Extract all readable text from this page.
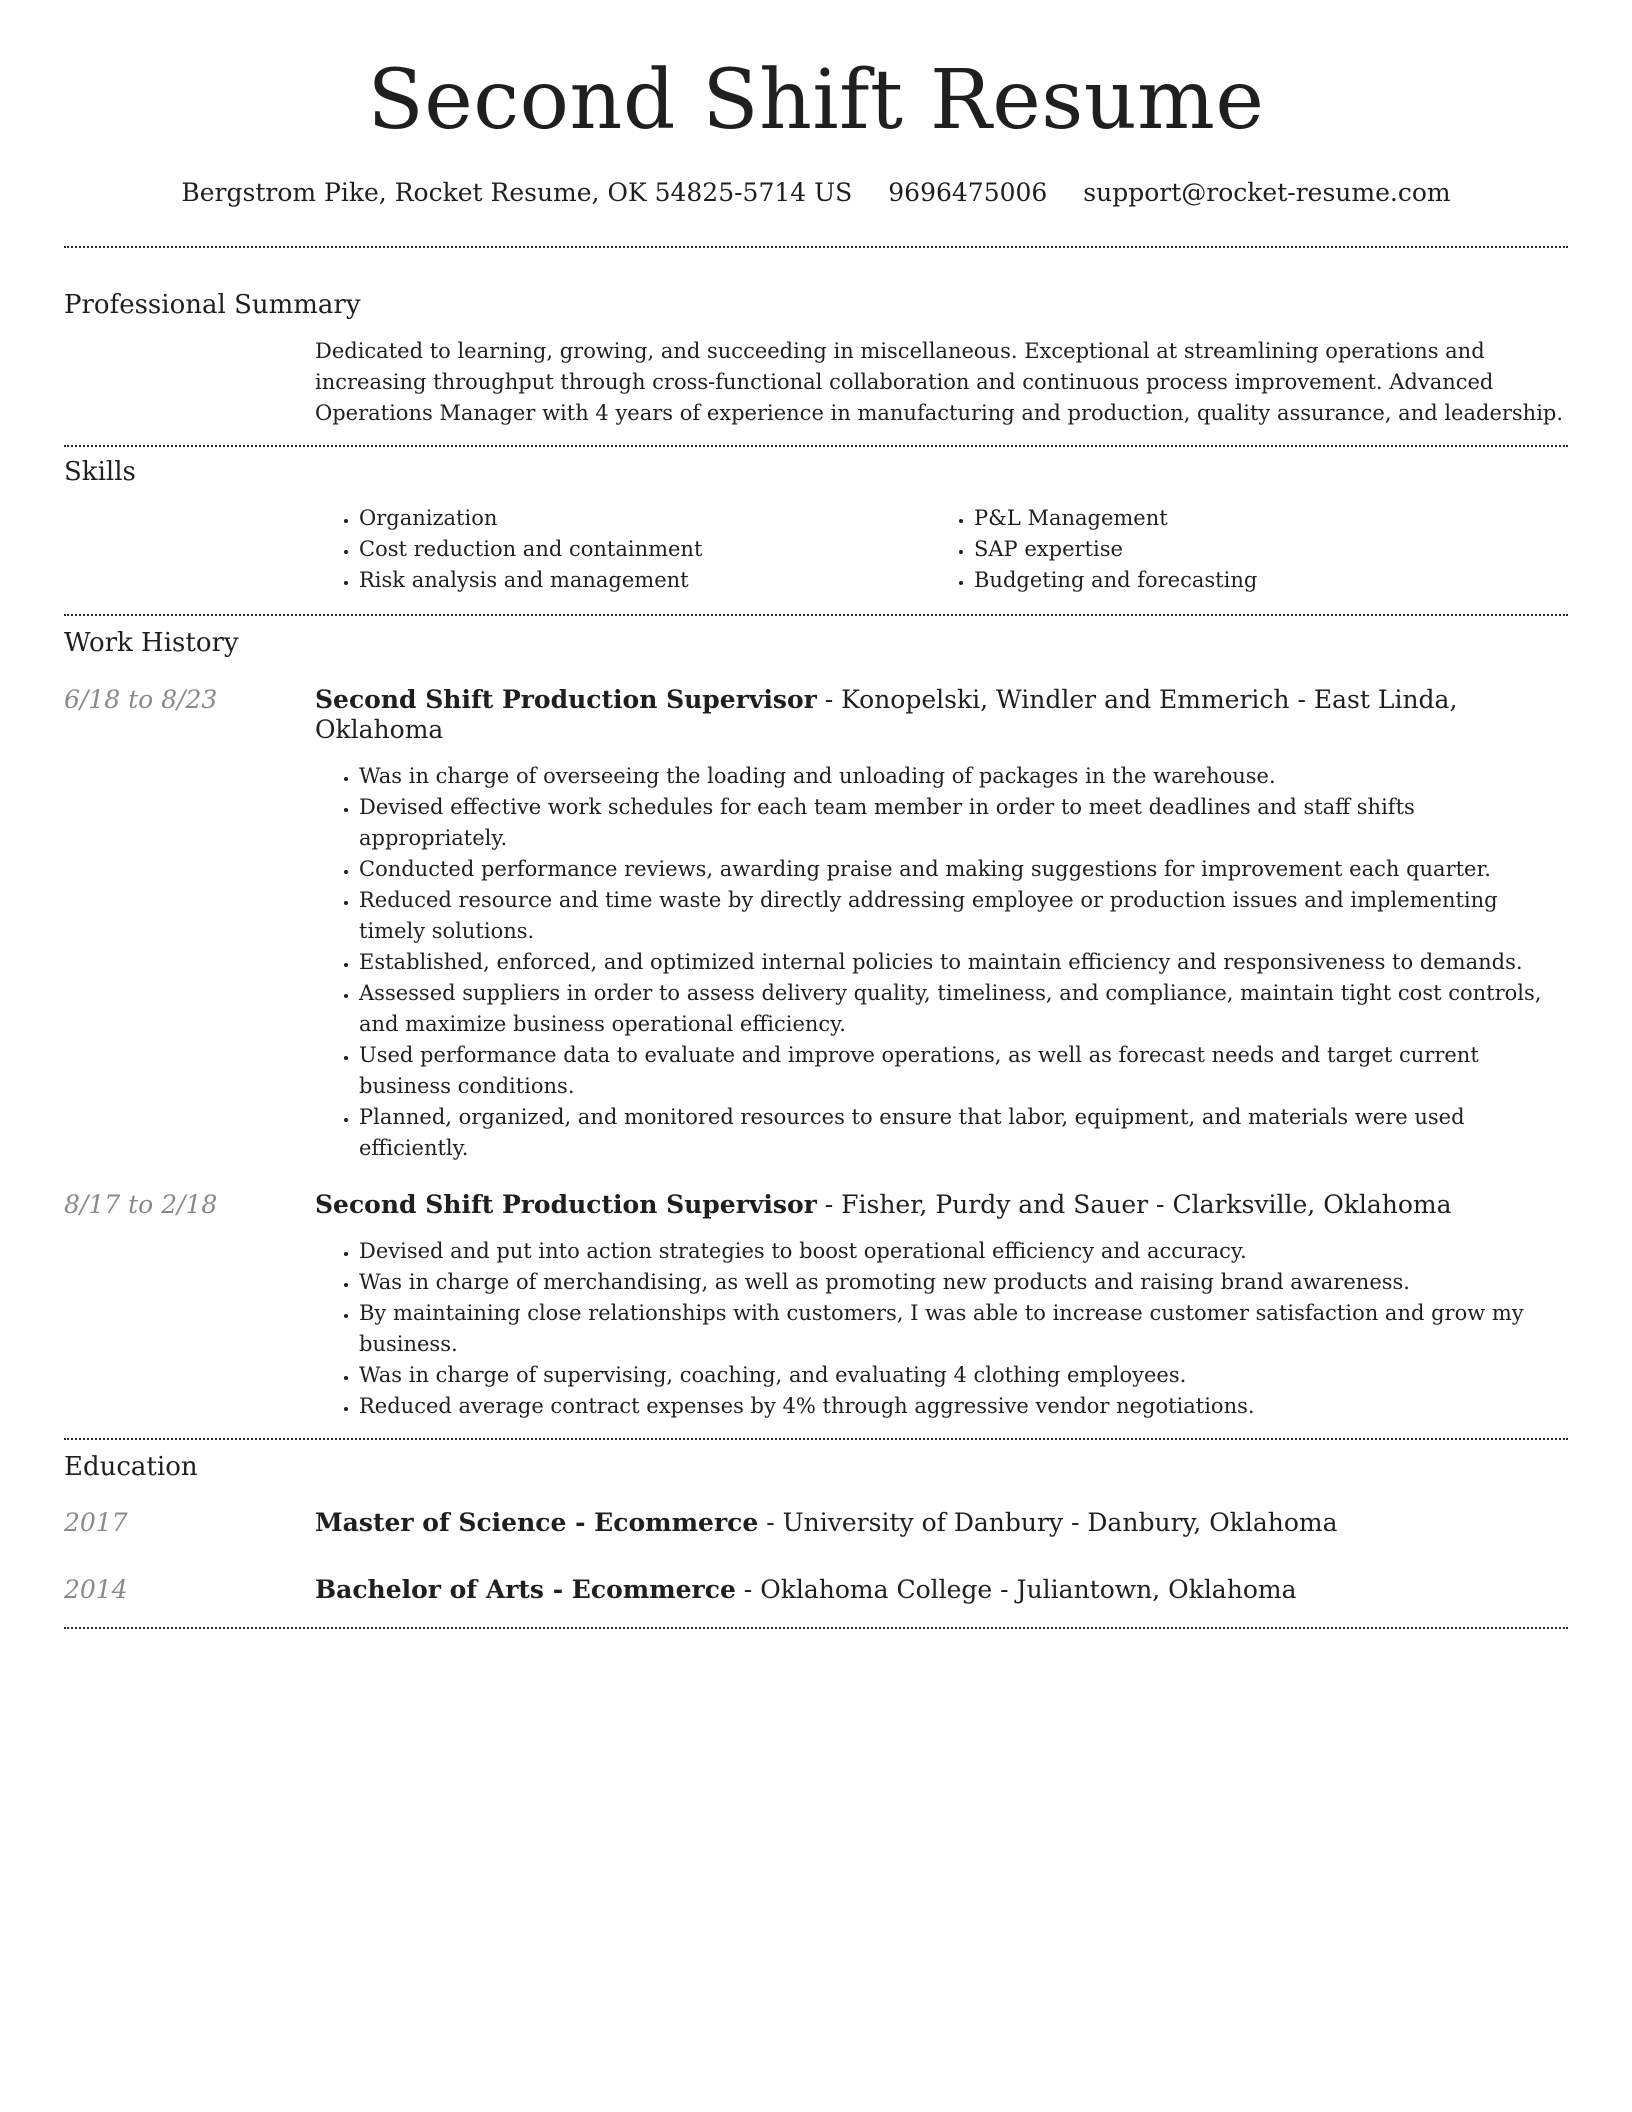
Second Shift Resume
Bergstrom Pike, Rocket Resume, OK 54825-5714 US 9696475006 support@rocket-resume.com
Professional Summary

Dedicated to learning, growing, and succeeding in miscellaneous. Exceptional at streamlining operations and increasing throughput through cross-functional collaboration and continuous process improvement. Advanced Operations Manager with 4 years of experience in manufacturing and production, quality assurance, and leadership.

Skills
• Organization
• Cost reduction and containment
• Risk analysis and management
• P&L Management
• SAP expertise
• Budgeting and forecasting
Work History
6/18 to 8/23	Second Shift Production Supervisor - Konopelski, Windler and Emmerich - East Linda, Oklahoma

• Was in charge of overseeing the loading and unloading of packages in the warehouse.
• Devised effective work schedules for each team member in order to meet deadlines and staff shifts appropriately.
• Conducted performance reviews, awarding praise and making suggestions for improvement each quarter.
• Reduced resource and time waste by directly addressing employee or production issues and implementing timely solutions.
• Established, enforced, and optimized internal policies to maintain efficiency and responsiveness to demands.
• Assessed suppliers in order to assess delivery quality, timeliness, and compliance, maintain tight cost controls, and maximize business operational efficiency.
• Used performance data to evaluate and improve operations, as well as forecast needs and target current business conditions.
• Planned, organized, and monitored resources to ensure that labor, equipment, and materials were used efficiently.
8/17 to 2/18	Second Shift Production Supervisor - Fisher, Purdy and Sauer - Clarksville, Oklahoma

• Devised and put into action strategies to boost operational efficiency and accuracy.
• Was in charge of merchandising, as well as promoting new products and raising brand awareness.
• By maintaining close relationships with customers, I was able to increase customer satisfaction and grow my business.
• Was in charge of supervising, coaching, and evaluating 4 clothing employees.
• Reduced average contract expenses by 4% through aggressive vendor negotiations.
Education
2017	Master of Science - Ecommerce - University of Danbury - Danbury, Oklahoma

2014	Bachelor of Arts - Ecommerce - Oklahoma College - Juliantown, Oklahoma
